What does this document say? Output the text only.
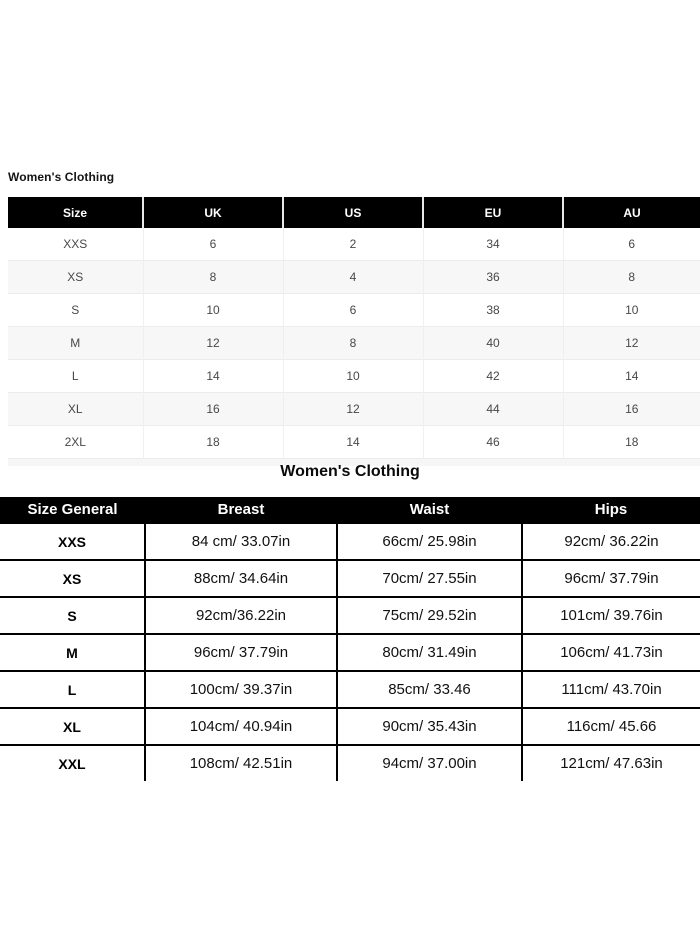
Women's Clothing
Size	UK	US	EU	AU
XXS	6	2	34	6
XS	8	4	36	8
S	10	6	38	10
M	12	8	40	12
L	14	10	42	14
XL	16	12	44	16
2XL	18	14	46	18

Women's Clothing
Size General	Breast	Waist	Hips
XXS	84 cm/ 33.07in	66cm/ 25.98in	92cm/ 36.22in
XS	88cm/ 34.64in	70cm/ 27.55in	96cm/ 37.79in
S	92cm/36.22in	75cm/ 29.52in	101cm/ 39.76in
M	96cm/ 37.79in	80cm/ 31.49in	106cm/ 41.73in
L	100cm/ 39.37in	85cm/ 33.46	111cm/ 43.70in
XL	104cm/ 40.94in	90cm/ 35.43in	116cm/ 45.66
XXL	108cm/ 42.51in	94cm/ 37.00in	121cm/ 47.63in
